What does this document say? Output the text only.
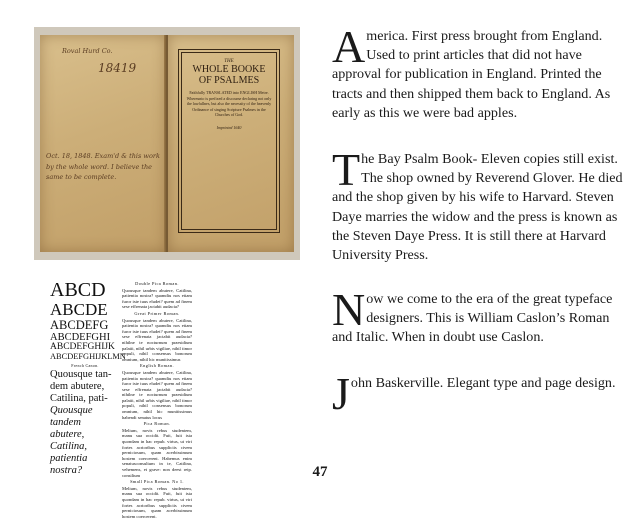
Roval Hurd Co.
18419
Oct. 18, 1848. Exam'd & this work by the whole word. I believe the same to be complete.
THE
WHOLE BOOKE OF PSALMES
Faithfully TRANSLATED into ENGLISH Metre. Whereunto is prefixed a discourse declaring not only the lawfullnes, but also the necessity of the heavenly Ordinance of singing Scripture Psalmes in the Churches of God.
Imprinted 1640
ABCD
ABCDE
ABCDEFG
ABCDEFGHI
ABCDEFGHIJK
ABCDEFGHIJKLMN
French Canon.
Quousque tan-
dem abutere,
Catilina, pati-
Quousque tandem
abutere, Catilina,
patientia nostra?
Double Pica Roman.
Quousque tandem abutere, Catilina, patientia nostra? quamdiu nos etiam furor iste tuus eludet? quem ad finem sese effrenata jactabit audacia?
Great Primer Roman.
Quousque tandem abutere, Catilina, patientia nostra? quamdiu nos etiam furor iste tuus eludet? quem ad finem sese effrenata jactabit audacia? nihilne te nocturnum praesidium palatii, nihil urbis vigiliae, nihil timor populi, nihil consensus bonorum omnium, nihil hic munitissimus
English Roman.
Quousque tandem abutere, Catilina, patientia nostra? quamdiu nos etiam furor iste tuus eludet? quem ad finem sese effrenata jactabit audacia? nihilne te nocturnum praesidium palatii, nihil urbis vigiliae, nihil timor populi, nihil consensus bonorum omnium, nihil hic munitissimus habendi senatus locus
Pica Roman.
Melium, novis rebus studentem, manu sua occidit. Fuit, fuit ista quondam in hac repub. virtus, ut viri fortes acrioribus suppliciis civem perniciosum, quam acerbissimum hostem coercerent. Habemus enim senatusconsultum in te, Catilina, vehemens, et grave: non deest reip. consilium
Small Pica Roman. No 1.
Melium, novis rebus studentem, manu sua occidit. Fuit, fuit ista quondam in hac repub. virtus, ut viri fortes acrioribus suppliciis civem perniciosum, quam acerbissimum hostem coercerent.
America. First press brought from England. Used to print articles that did not have approval for publication in England. Printed the tracts and then shipped them back to England. As early as this we were bad apples.
The Bay Psalm Book- Eleven copies still exist. The shop owned by Reverend Glover. He died and the shop given by his wife to Harvard. Steven Daye marries the widow and the press is known as the Steven Daye Press. It is still there at Harvard University Press.
Now we come to the era of the great typeface designers. This is William Caslon’s Roman and Italic. When in doubt use Caslon.
John Baskerville. Elegant type and page design.
47
